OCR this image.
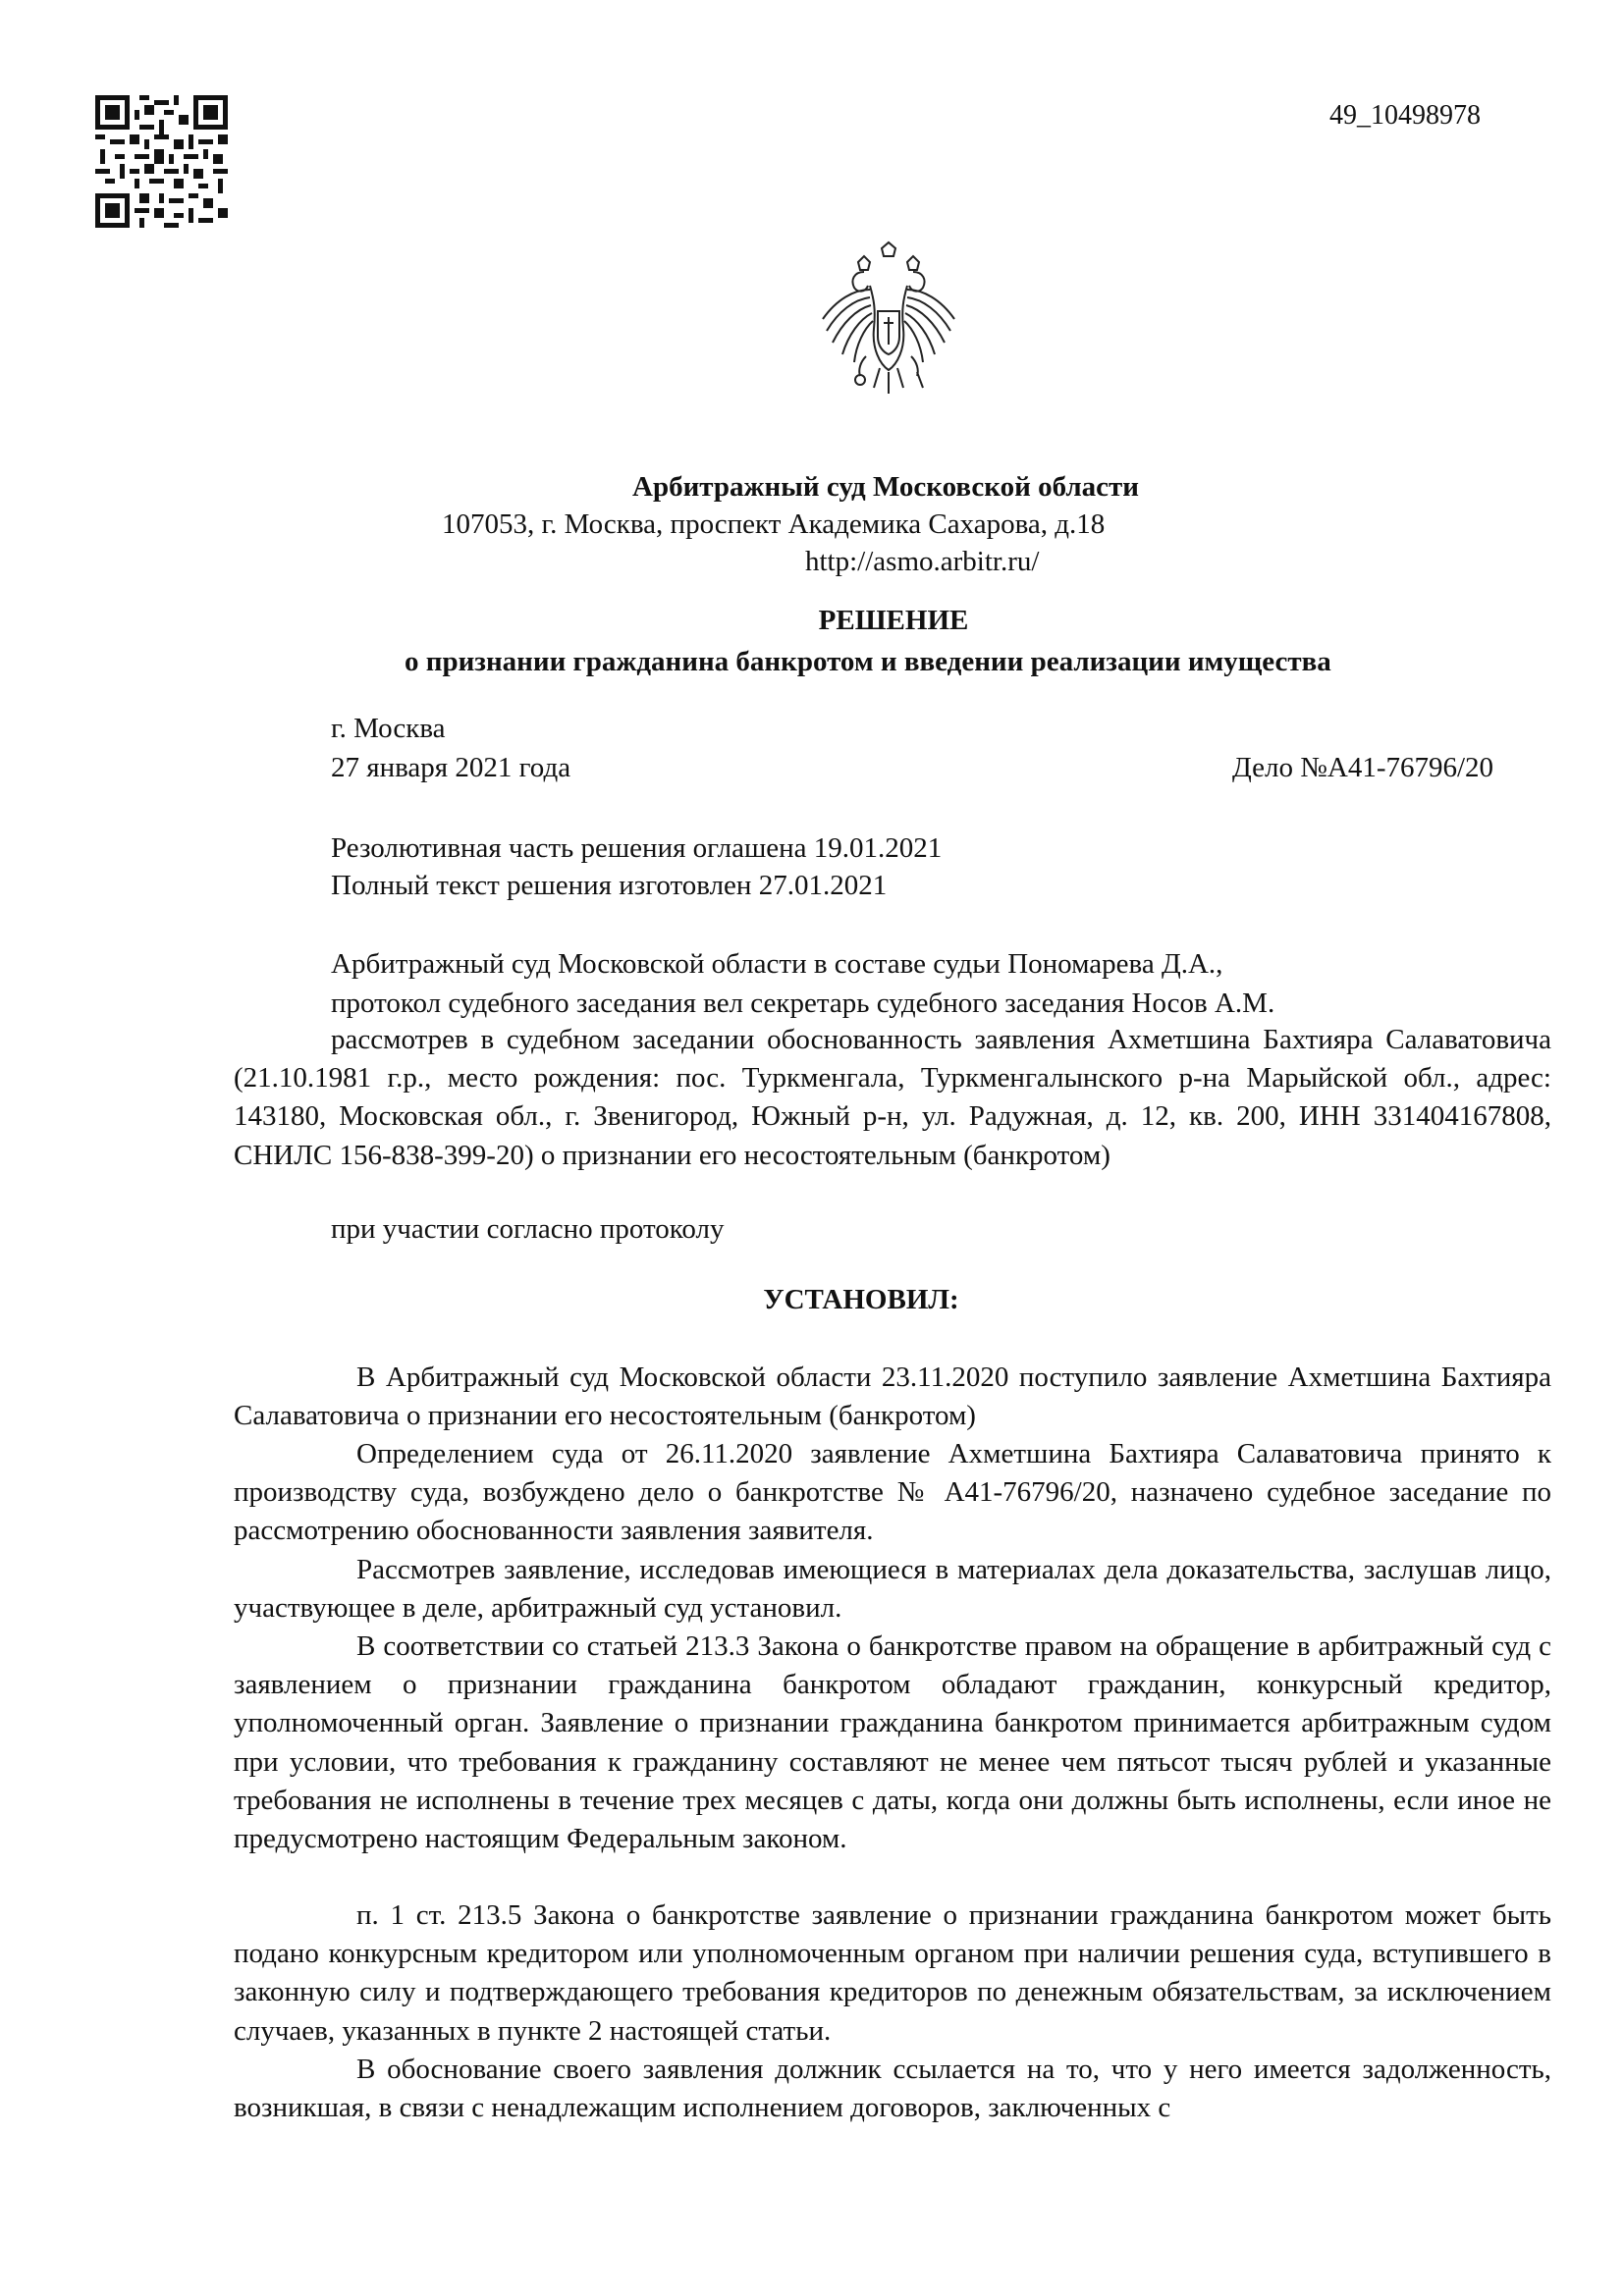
49_10498978
Арбитражный суд Московской области
107053, г. Москва, проспект Академика Сахарова, д.18
http://asmo.arbitr.ru/
РЕШЕНИЕ
о признании гражданина банкротом и введении реализации имущества
г. Москва
27 января 2021 года	Дело №А41-76796/20
Резолютивная часть решения оглашена 19.01.2021
Полный текст решения изготовлен 27.01.2021
Арбитражный суд Московской области в составе судьи Пономарева Д.А.,
протокол судебного заседания вел секретарь судебного заседания Носов А.М.
рассмотрев в судебном заседании обоснованность заявления Ахметшина Бахтияра Салаватовича (21.10.1981 г.р., место рождения: пос. Туркменгала, Туркменгалынского р-на Марыйской обл., адрес: 143180, Московская обл., г. Звенигород, Южный р-н, ул. Радужная, д. 12, кв. 200, ИНН 331404167808, СНИЛС 156-838-399-20) о признании его несостоятельным (банкротом)
при участии согласно протоколу
УСТАНОВИЛ:
В Арбитражный суд Московской области 23.11.2020 поступило заявление Ахметшина Бахтияра Салаватовича о признании его несостоятельным (банкротом)
Определением суда от 26.11.2020 заявление Ахметшина Бахтияра Салаватовича принято к производству суда, возбуждено дело о банкротстве № А41-76796/20, назначено судебное заседание по рассмотрению обоснованности заявления заявителя.
Рассмотрев заявление, исследовав имеющиеся в материалах дела доказательства, заслушав лицо, участвующее в деле, арбитражный суд установил.
В соответствии со статьей 213.3 Закона о банкротстве правом на обращение в арбитражный суд с заявлением о признании гражданина банкротом обладают гражданин, конкурсный кредитор, уполномоченный орган. Заявление о признании гражданина банкротом принимается арбитражным судом при условии, что требования к гражданину составляют не менее чем пятьсот тысяч рублей и указанные требования не исполнены в течение трех месяцев с даты, когда они должны быть исполнены, если иное не предусмотрено настоящим Федеральным законом.
п. 1 ст. 213.5 Закона о банкротстве заявление о признании гражданина банкротом может быть подано конкурсным кредитором или уполномоченным органом при наличии решения суда, вступившего в законную силу и подтверждающего требования кредиторов по денежным обязательствам, за исключением случаев, указанных в пункте 2 настоящей статьи.
В обоснование своего заявления должник ссылается на то, что у него имеется задолженность, возникшая, в связи с ненадлежащим исполнением договоров, заключенных с
